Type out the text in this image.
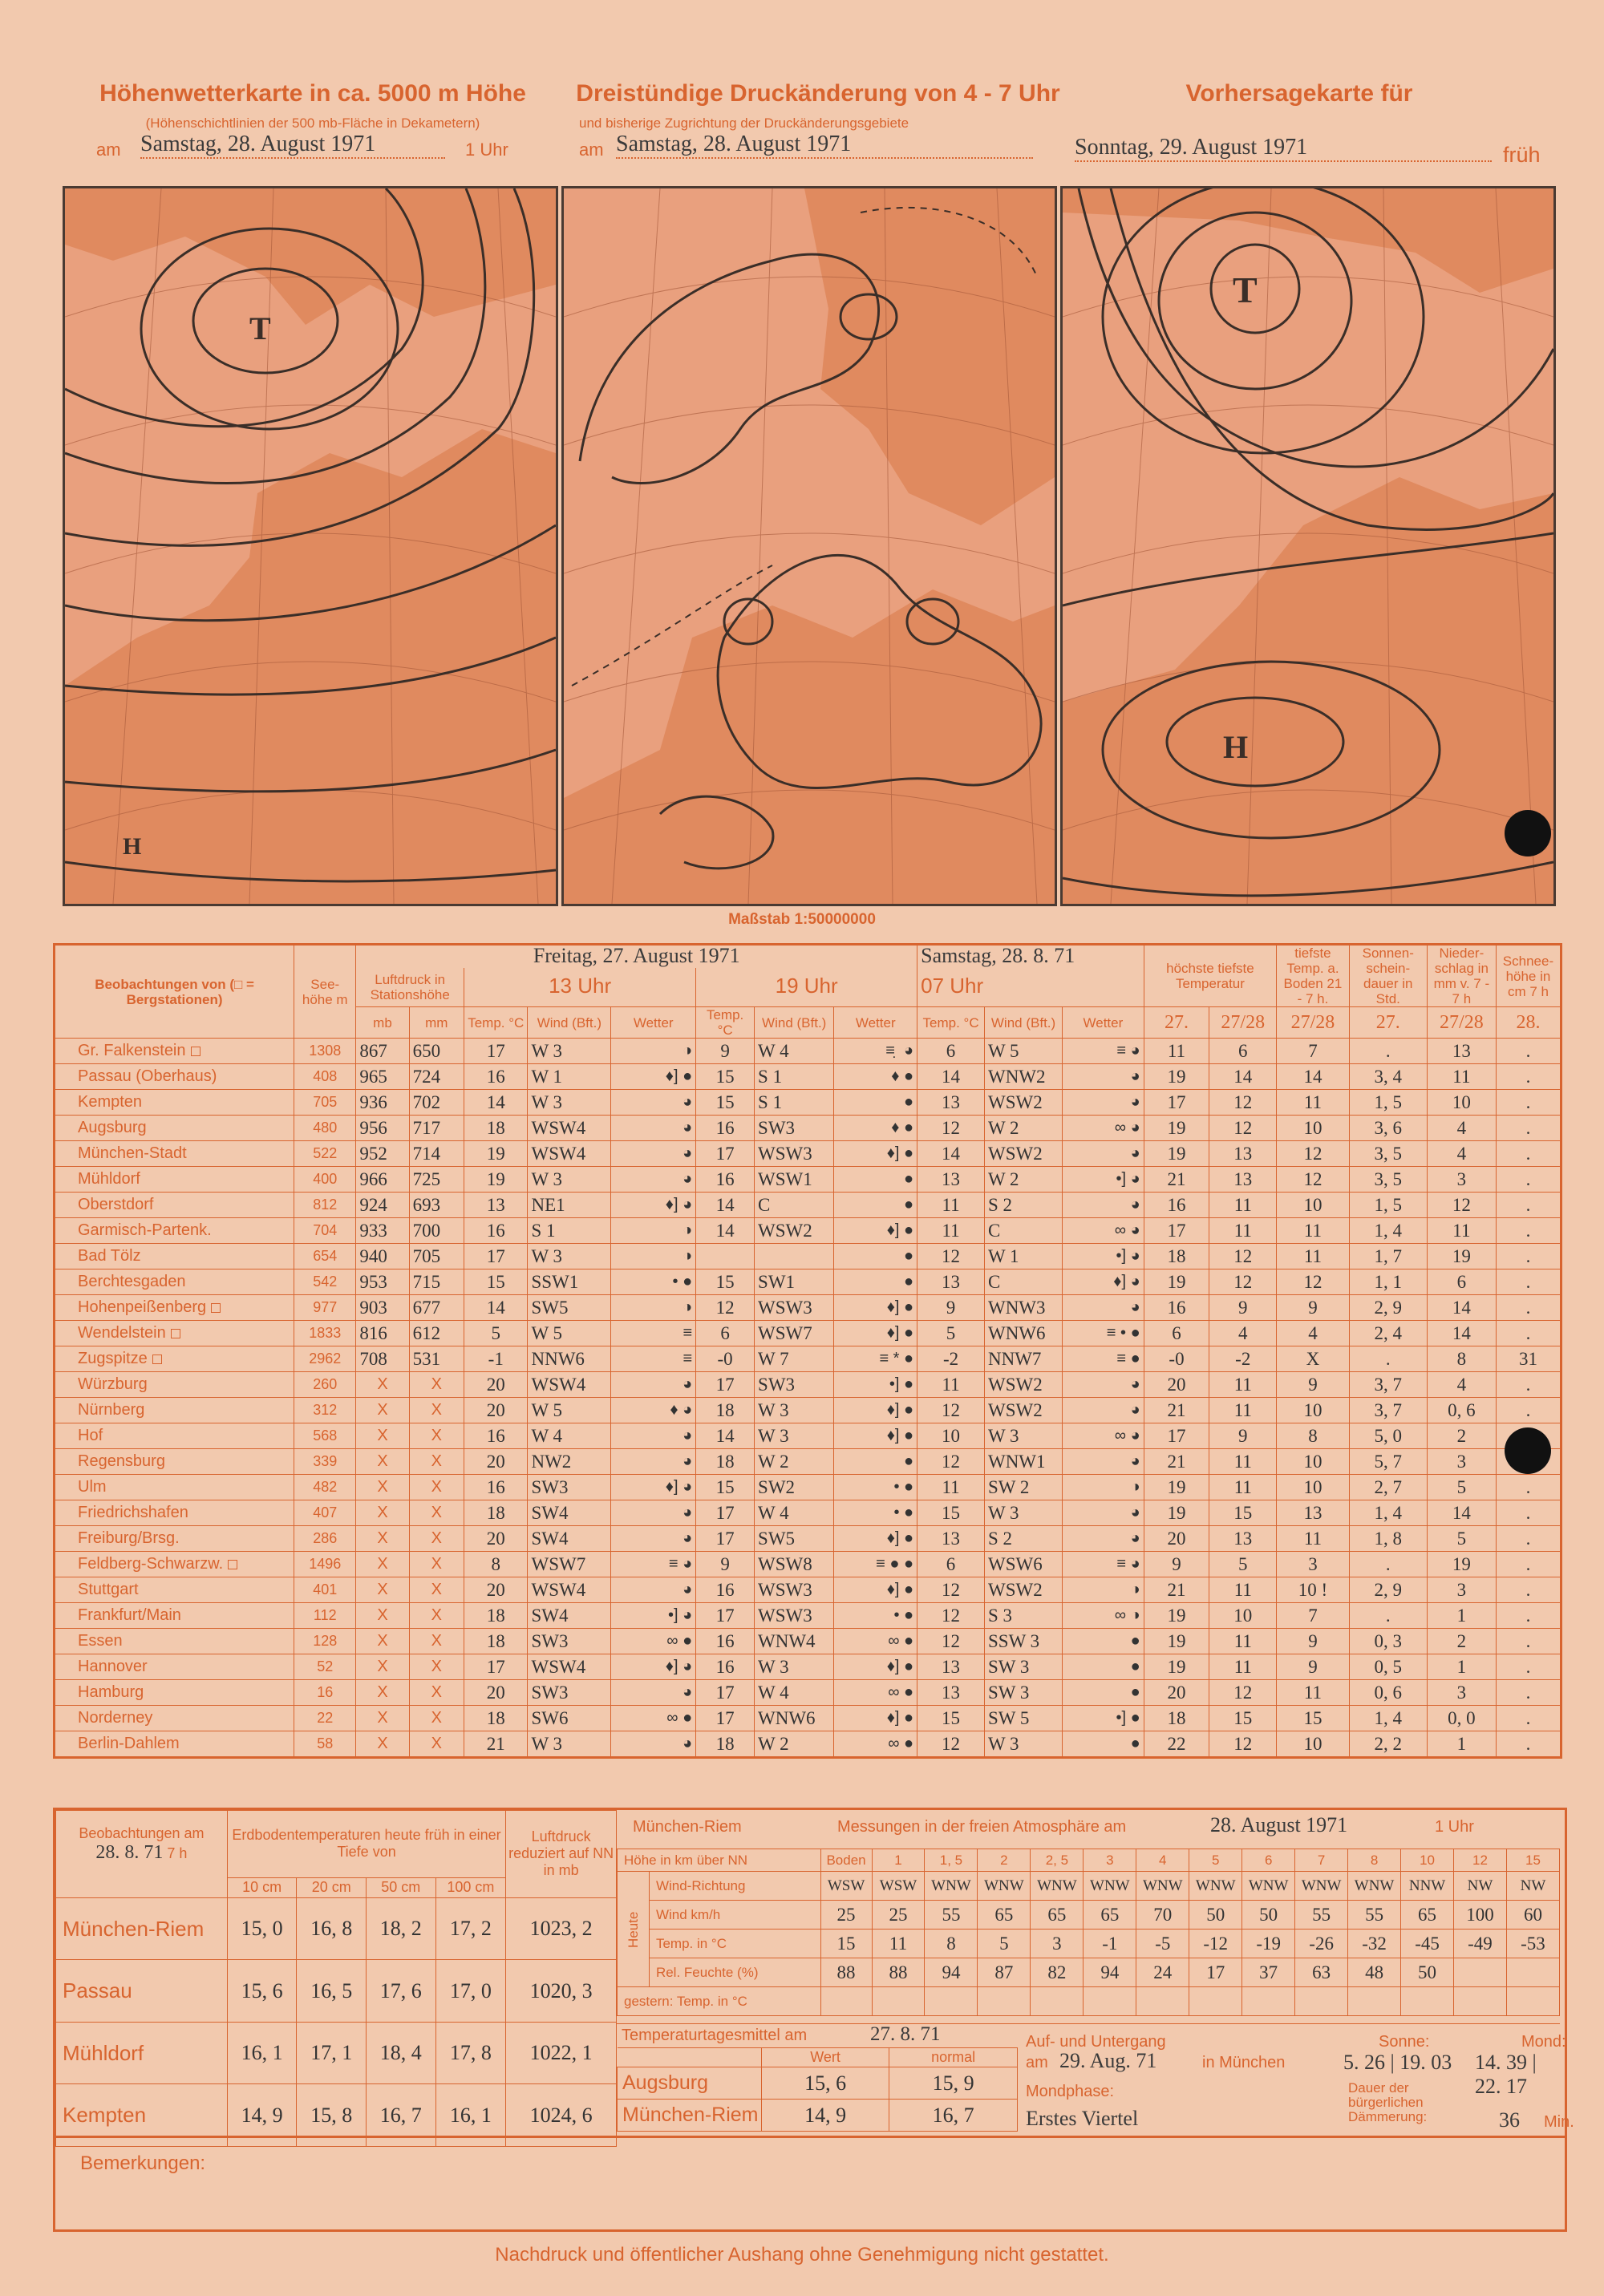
Höhenwetterkarte in ca. 5000 m Höhe
(Höhenschichtlinien der 500 mb-Fläche in Dekametern)
am Samstag, 28. August 1971	1 Uhr
Dreistündige Druckänderung von 4 - 7 Uhr
und bisherige Zugrichtung der Druckänderungsgebiete
am Samstag, 28. August 1971
Vorhersagekarte für
Sonntag, 29. August 1971	früh
T
H
T
H
Maßstab 1:50000000
Beobachtungen von (□ = Bergstationen)	See-höhe m	Freitag, 27. August 1971								Samstag, 28. 8. 71			höchste tiefste Temperatur		tiefste Temp. a. Boden 21 - 7 h.	Sonnen-schein-dauer in Std.	Nieder-schlag in mm v. 7 - 7 h	Schnee-höhe in cm 7 h
		Luftdruck in Stationshöhe		13 Uhr			19 Uhr			07 Uhr								
		mb	mm	Temp. °C	Wind (Bft.)	Wetter	Temp. °C	Wind (Bft.)	Wetter	Temp. °C	Wind (Bft.)	Wetter	27.	27/28	27/28	27.	27/28	28.
Gr. Falkenstein	1308	867	650	17	W 3	◑	9	W 4	≡ ̣ ◕	6	W 5	≡ ◕	11	6	7	.	13	.
Passau (Oberhaus)	408	965	724	16	W 1	♦] ●	15	S 1	♦ ●	14	WNW2	◕	19	14	14	3, 4	11	.
Kempten	705	936	702	14	W 3	◕	15	S 1	●	13	WSW2	◕	17	12	11	1, 5	10	.
Augsburg	480	956	717	18	WSW4	◕	16	SW3	♦ ●	12	W 2	∞ ◕	19	12	10	3, 6	4	.
München-Stadt	522	952	714	19	WSW4	◕	17	WSW3	♦] ●	14	WSW2	◕	19	13	12	3, 5	4	.
Mühldorf	400	966	725	19	W 3	◕	16	WSW1	●	13	W 2	•] ◕	21	13	12	3, 5	3	.
Oberstdorf	812	924	693	13	NE1	♦] ◕	14	C	●	11	S 2	◕	16	11	10	1, 5	12	.
Garmisch-Partenk.	704	933	700	16	S 1	◑	14	WSW2	♦] ●	11	C	∞ ◕	17	11	11	1, 4	11	.
Bad Tölz	654	940	705	17	W 3	◑			●	12	W 1	•] ◕	18	12	11	1, 7	19	.
Berchtesgaden	542	953	715	15	SSW1	• ●	15	SW1	●	13	C	♦] ◕	19	12	12	1, 1	6	.
Hohenpeißenberg	977	903	677	14	SW5	◑	12	WSW3	♦] ●	9	WNW3	◕	16	9	9	2, 9	14	.
Wendelstein	1833	816	612	5	W 5	≡	6	WSW7	♦] ●	5	WNW6	≡ • ●	6	4	4	2, 4	14	.
Zugspitze	2962	708	531	-1	NNW6	≡	-0	W 7	≡ * ●	-2	NNW7	≡ ●	-0	-2	X	.	8	31
Würzburg	260	X	X	20	WSW4	◕	17	SW3	•] ●	11	WSW2	◕	20	11	9	3, 7	4	.
Nürnberg	312	X	X	20	W 5	♦ ◕	18	W 3	♦] ●	12	WSW2	◕	21	11	10	3, 7	0, 6	.
Hof	568	X	X	16	W 4	◕	14	W 3	♦] ●	10	W 3	∞ ◕	17	9	8	5, 0	2	
Regensburg	339	X	X	20	NW2	◕	18	W 2	●	12	WNW1	◕	21	11	10	5, 7	3	
Ulm	482	X	X	16	SW3	♦] ◕	15	SW2	• ●	11	SW 2	◑	19	11	10	2, 7	5	.
Friedrichshafen	407	X	X	18	SW4	◕	17	W 4	• ●	15	W 3	◕	19	15	13	1, 4	14	.
Freiburg/Brsg.	286	X	X	20	SW4	◕	17	SW5	♦] ●	13	S 2	◕	20	13	11	1, 8	5	.
Feldberg-Schwarzw.	1496	X	X	8	WSW7	≡ ◕	9	WSW8	≡ ● ●	6	WSW6	≡ ◕	9	5	3	.	19	.
Stuttgart	401	X	X	20	WSW4	◕	16	WSW3	♦] ●	12	WSW2	◑	21	11	10 !	2, 9	3	.
Frankfurt/Main	112	X	X	18	SW4	•] ◕	17	WSW3	• ●	12	S 3	∞ ◑	19	10	7	.	1	.
Essen	128	X	X	18	SW3	∞ ●	16	WNW4	∞ ●	12	SSW 3	●	19	11	9	0, 3	2	.
Hannover	52	X	X	17	WSW4	♦] ◕	16	W 3	♦] ●	13	SW 3	●	19	11	9	0, 5	1	.
Hamburg	16	X	X	20	SW3	◕	17	W 4	∞ ●	13	SW 3	●	20	12	11	0, 6	3	.
Norderney	22	X	X	18	SW6	∞ ●	17	WNW6	♦] ●	15	SW 5	•] ●	18	15	15	1, 4	0, 0	.
Berlin-Dahlem	58	X	X	21	W 3	◕	18	W 2	∞ ●	12	W 3	●	22	12	10	2, 2	1	.
Beobachtungen am
28. 8. 71 7 h	Erdbodentemperaturen heute früh in einer Tiefe von				Luftdruck reduziert auf NN in mb
	10 cm	20 cm	50 cm	100 cm	
München-Riem	15, 0	16, 8	18, 2	17, 2	1023, 2
Passau	15, 6	16, 5	17, 6	17, 0	1020, 3
Mühldorf	16, 1	17, 1	18, 4	17, 8	1022, 1
Kempten	14, 9	15, 8	16, 7	16, 1	1024, 6
München-Riem	Messungen in der freien Atmosphäre am	28. August 1971	1 Uhr
Höhe in km über NN		Boden	1	1, 5	2	2, 5	3	4	5	6	7	8	10	12	15
Heute	Wind-Richtung	WSW	WSW	WNW	WNW	WNW	WNW	WNW	WNW	WNW	WNW	WNW	NNW	NW	NW
	Wind km/h	25	25	55	65	65	65	70	50	50	55	55	65	100	60
	Temp. in °C	15	11	8	5	3	-1	-5	-12	-19	-26	-32	-45	-49	-53
	Rel. Feuchte (%)	88	88	94	87	82	94	24	17	37	63	48	50		
gestern: Temp. in °C															
Temperaturtagesmittel am	27. 8. 71
	Wert	normal
Augsburg	15, 6	15, 9
München-Riem	14, 9	16, 7
Auf- und Untergang
am 29. Aug. 71	in München
Sonne:
5. 26 | 19. 03
Mond:
14. 39 | 22. 17
Mondphase:
Erstes Viertel
Dauer der bürgerlichen Dämmerung:	36 Min.
Bemerkungen:
Nachdruck und öffentlicher Aushang ohne Genehmigung nicht gestattet.
